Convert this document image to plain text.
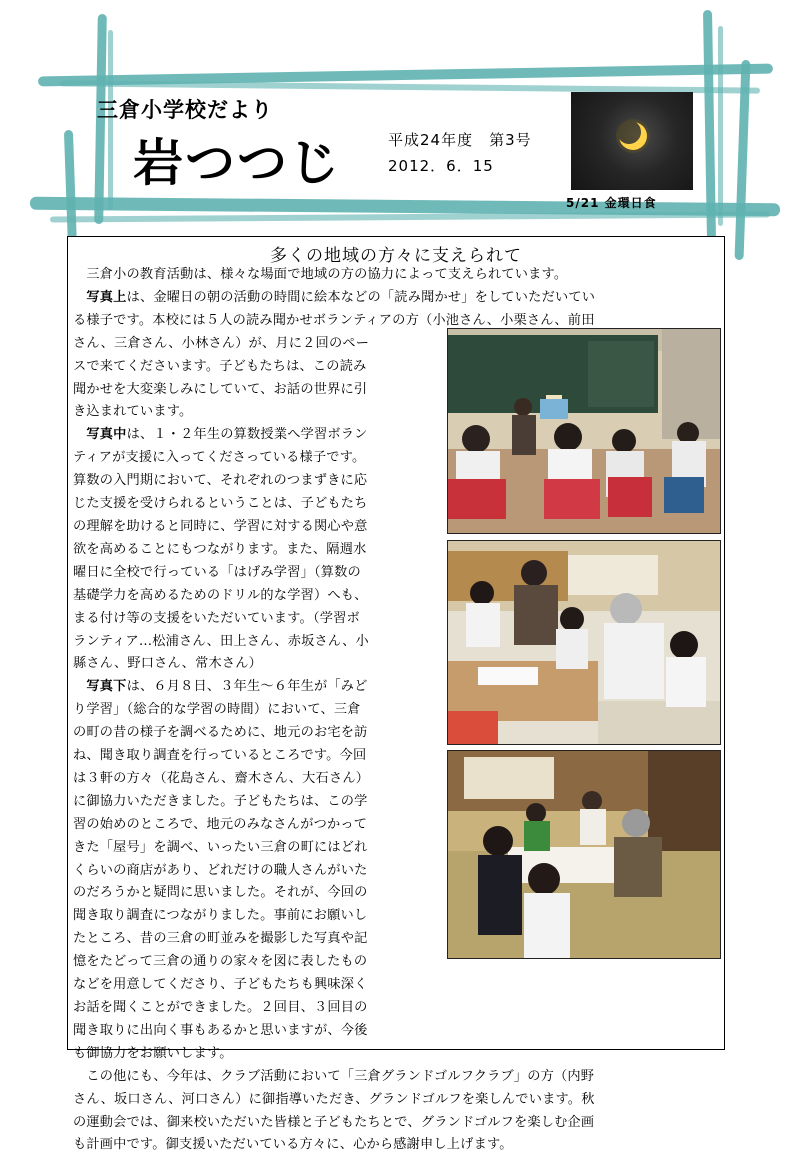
三倉小学校だより
岩つつじ	平成24年度　第3号
2012．6．15
5/21 金環日食
多くの地域の方々に支えられて
　三倉小の教育活動は、様々な場面で地域の方の協力によって支えられています。
　写真上は、金曜日の朝の活動の時間に絵本などの「読み聞かせ」をしていただいてい
る様子です。本校には５人の読み聞かせボランティアの方（小池さん、小栗さん、前田
さん、三倉さん、小林さん）が、月に２回のペー
スで来てくださいます。子どもたちは、この読み
聞かせを大変楽しみにしていて、お話の世界に引
き込まれています。
　写真中は、１・２年生の算数授業へ学習ボラン
ティアが支援に入ってくださっている様子です。
算数の入門期において、それぞれのつまずきに応
じた支援を受けられるということは、子どもたち
の理解を助けると同時に、学習に対する関心や意
欲を高めることにもつながります。また、隔週水
曜日に全校で行っている「はげみ学習」（算数の
基礎学力を高めるためのドリル的な学習）へも、
まる付け等の支援をいただいています。（学習ボ
ランティア…松浦さん、田上さん、赤坂さん、小
縣さん、野口さん、常木さん）
　写真下は、６月８日、３年生～６年生が「みど
り学習」（総合的な学習の時間）において、三倉
の町の昔の様子を調べるために、地元のお宅を訪
ね、聞き取り調査を行っているところです。今回
は３軒の方々（花島さん、齋木さん、大石さん）
に御協力いただきました。子どもたちは、この学
習の始めのところで、地元のみなさんがつかって
きた「屋号」を調べ、いったい三倉の町にはどれ
くらいの商店があり、どれだけの職人さんがいた
のだろうかと疑問に思いました。それが、今回の
聞き取り調査につながりました。事前にお願いし
たところ、昔の三倉の町並みを撮影した写真や記
憶をたどって三倉の通りの家々を図に表したもの
などを用意してくださり、子どもたちも興味深く
お話を聞くことができました。２回目、３回目の
聞き取りに出向く事もあるかと思いますが、今後
も御協力をお願いします。
　この他にも、今年は、クラブ活動において「三倉グランドゴルフクラブ」の方（内野
さん、坂口さん、河口さん）に御指導いただき、グランドゴルフを楽しんでいます。秋
の運動会では、御来校いただいた皆様と子どもたちとで、グランドゴルフを楽しむ企画
も計画中です。御支援いただいている方々に、心から感謝申し上げます。
